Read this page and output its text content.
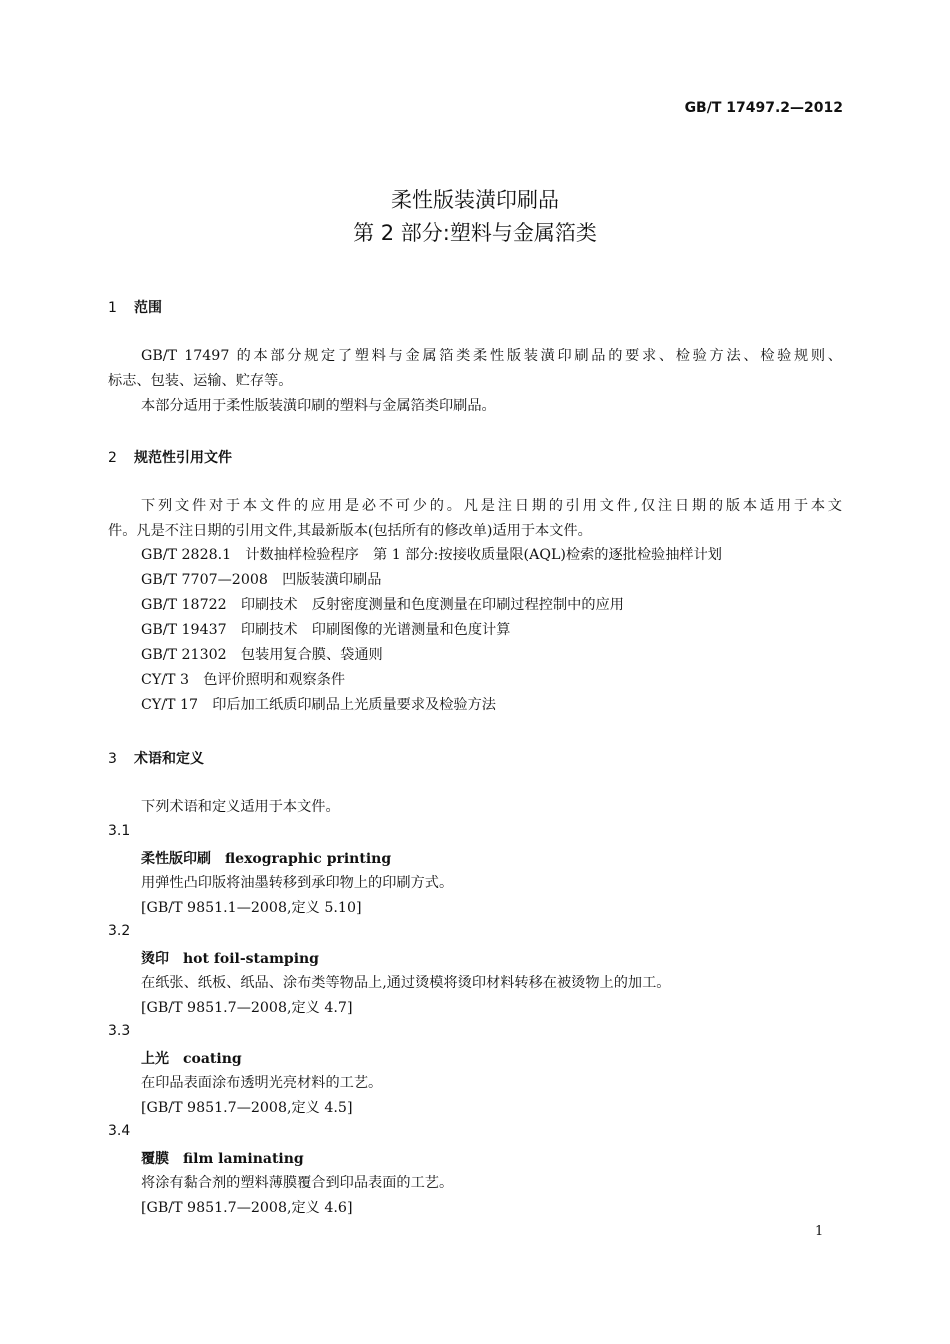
GB/T 17497.2—2012
柔性版装潢印刷品
第 2 部分:塑料与金属箔类
1 范围
GB/T 17497 的本部分规定了塑料与金属箔类柔性版装潢印刷品的要求、检验方法、检验规则、
标志、包装、运输、贮存等。
本部分适用于柔性版装潢印刷的塑料与金属箔类印刷品。
2 规范性引用文件
下列文件对于本文件的应用是必不可少的。凡是注日期的引用文件,仅注日期的版本适用于本文
件。凡是不注日期的引用文件,其最新版本(包括所有的修改单)适用于本文件。
GB/T 2828.1　计数抽样检验程序　第 1 部分:按接收质量限(AQL)检索的逐批检验抽样计划
GB/T 7707—2008　凹版装潢印刷品
GB/T 18722　印刷技术　反射密度测量和色度测量在印刷过程控制中的应用
GB/T 19437　印刷技术　印刷图像的光谱测量和色度计算
GB/T 21302　包装用复合膜、袋通则
CY/T 3　色评价照明和观察条件
CY/T 17　印后加工纸质印刷品上光质量要求及检验方法
3 术语和定义
下列术语和定义适用于本文件。
3.1
柔性版印刷 flexographic printing
用弹性凸印版将油墨转移到承印物上的印刷方式。
[GB/T 9851.1—2008,定义 5.10]
3.2
烫印 hot foil-stamping
在纸张、纸板、纸品、涂布类等物品上,通过烫模将烫印材料转移在被烫物上的加工。
[GB/T 9851.7—2008,定义 4.7]
3.3
上光 coating
在印品表面涂布透明光亮材料的工艺。
[GB/T 9851.7—2008,定义 4.5]
3.4
覆膜 film laminating
将涂有黏合剂的塑料薄膜覆合到印品表面的工艺。
[GB/T 9851.7—2008,定义 4.6]
1
